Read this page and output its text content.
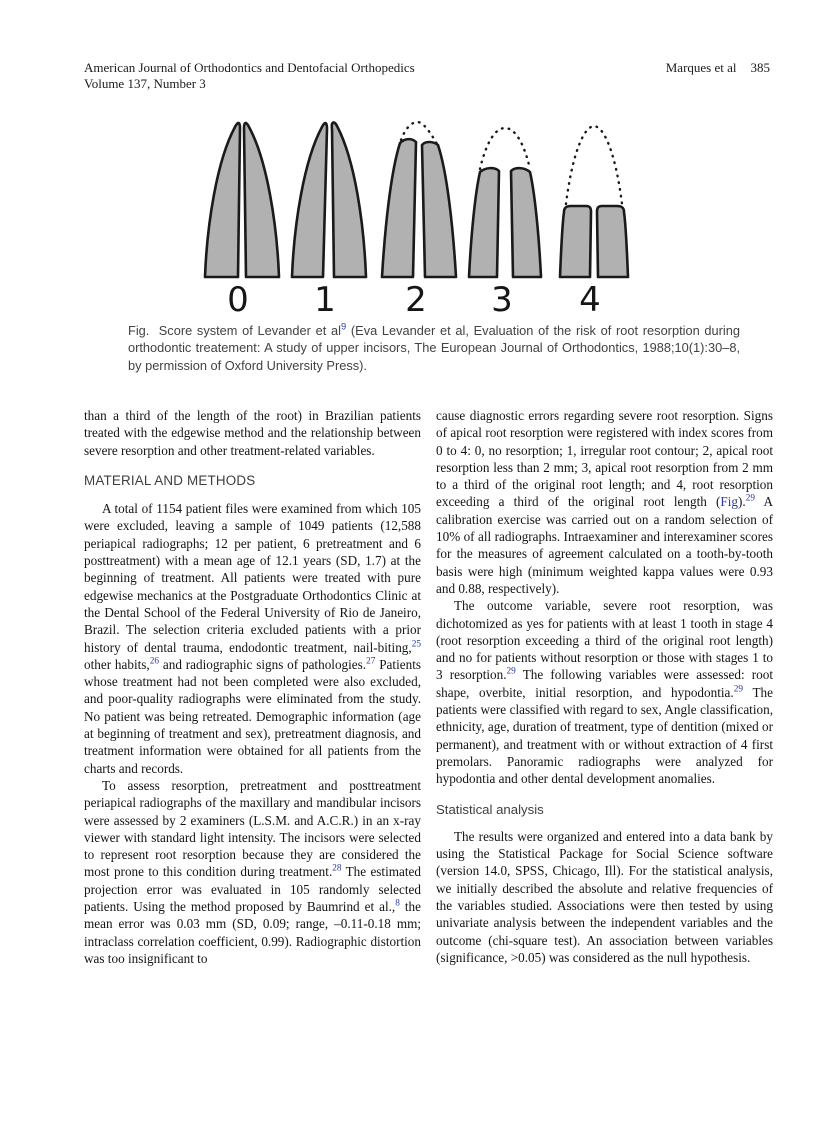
American Journal of Orthodontics and Dentofacial Orthopedics
Volume 137, Number 3
Marques et al 385
0 1 2 3 4
Fig.  Score system of Levander et $al^9$ (Eva Levander et al, Evaluation of the risk of root resorption during orthodontic treatement: A study of upper incisors, The European Journal of Orthodontics, 1988;10(1):30–8, by permission of Oxford University Press).

than a third of the length of the root) in Brazilian patients treated with the edgewise method and the relationship between severe resorption and other treatment-related variables.

MATERIAL AND METHODS

A total of 1154 patient files were examined from which 105 were excluded, leaving a sample of 1049 patients (12,588 periapical radiographs; 12 per patient, 6 pretreatment and 6 posttreatment) with a mean age of 12.1 years (SD, 1.7) at the beginning of treatment. All patients were treated with pure edgewise mechanics at the Postgraduate Orthodontics Clinic at the Dental School of the Federal University of Rio de Janeiro, Brazil. The selection criteria excluded patients with a prior history of dental trauma, endodontic treatment, nail-biting,$^{25}$ other habits,$^{26}$ and radiographic signs of pathologies.$^{27}$ Patients whose treatment had not been completed were also excluded, and poor-quality radiographs were eliminated from the study. No patient was being retreated. Demographic information (age at beginning of treatment and sex), pretreatment diagnosis, and treatment information were obtained for all patients from the charts and records.

To assess resorption, pretreatment and posttreatment periapical radiographs of the maxillary and mandibular incisors were assessed by 2 examiners (L.S.M. and A.C.R.) in an x-ray viewer with standard light intensity. The incisors were selected to represent root resorption because they are considered the most prone to this condition during treatment.$^{28}$ The estimated projection error was evaluated in 105 randomly selected patients. Using the method proposed by Baumrind et al.,$^8$ the mean error was 0.03 mm (SD, 0.09; range, –0.11-0.18 mm; intraclass correlation coefficient, 0.99). Radiographic distortion was too insignificant to

cause diagnostic errors regarding severe root resorption. Signs of apical root resorption were registered with index scores from 0 to 4: 0, no resorption; 1, irregular root contour; 2, apical root resorption less than 2 mm; 3, apical root resorption from 2 mm to a third of the original root length; and 4, root resorption exceeding a third of the original root length (Fig).$^{29}$ A calibration exercise was carried out on a random selection of 10% of all radiographs. Intraexaminer and interexaminer scores for the measures of agreement calculated on a tooth-by-tooth basis were high (minimum weighted kappa values were 0.93 and 0.88, respectively).

The outcome variable, severe root resorption, was dichotomized as yes for patients with at least 1 tooth in stage 4 (root resorption exceeding a third of the original root length) and no for patients without resorption or those with stages 1 to 3 resorption.$^{29}$ The following variables were assessed: root shape, overbite, initial resorption, and hypodontia.$^{29}$ The patients were classified with regard to sex, Angle classification, ethnicity, age, duration of treatment, type of dentition (mixed or permanent), and treatment with or without extraction of 4 first premolars. Panoramic radiographs were analyzed for hypodontia and other dental development anomalies.

Statistical analysis

The results were organized and entered into a data bank by using the Statistical Package for Social Science software (version 14.0, SPSS, Chicago, Ill). For the statistical analysis, we initially described the absolute and relative frequencies of the variables studied. Associations were then tested by using univariate analysis between the independent variables and the outcome (chi-square test). An association between variables (significance, >0.05) was considered as the null hypothesis.
